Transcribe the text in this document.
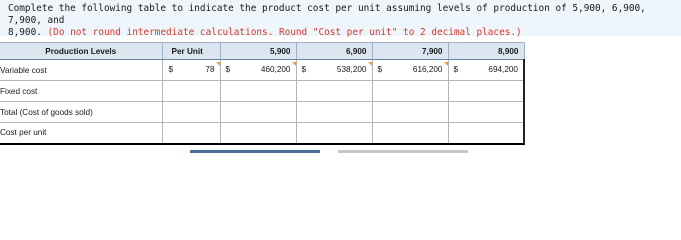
Complete the following table to indicate the product cost per unit assuming levels of production of 5,900, 6,900, 7,900, and
8,900. (Do not round intermediate calculations. Round "Cost per unit" to 2 decimal places.)
Production Levels	Per Unit	5,900	6,900	7,900	8,900
Variable cost	$ 78	$ 460,200	$ 538,200	$ 616,200	$ 694,200

Fixed cost					
Total (Cost of goods sold)					
Cost per unit					
